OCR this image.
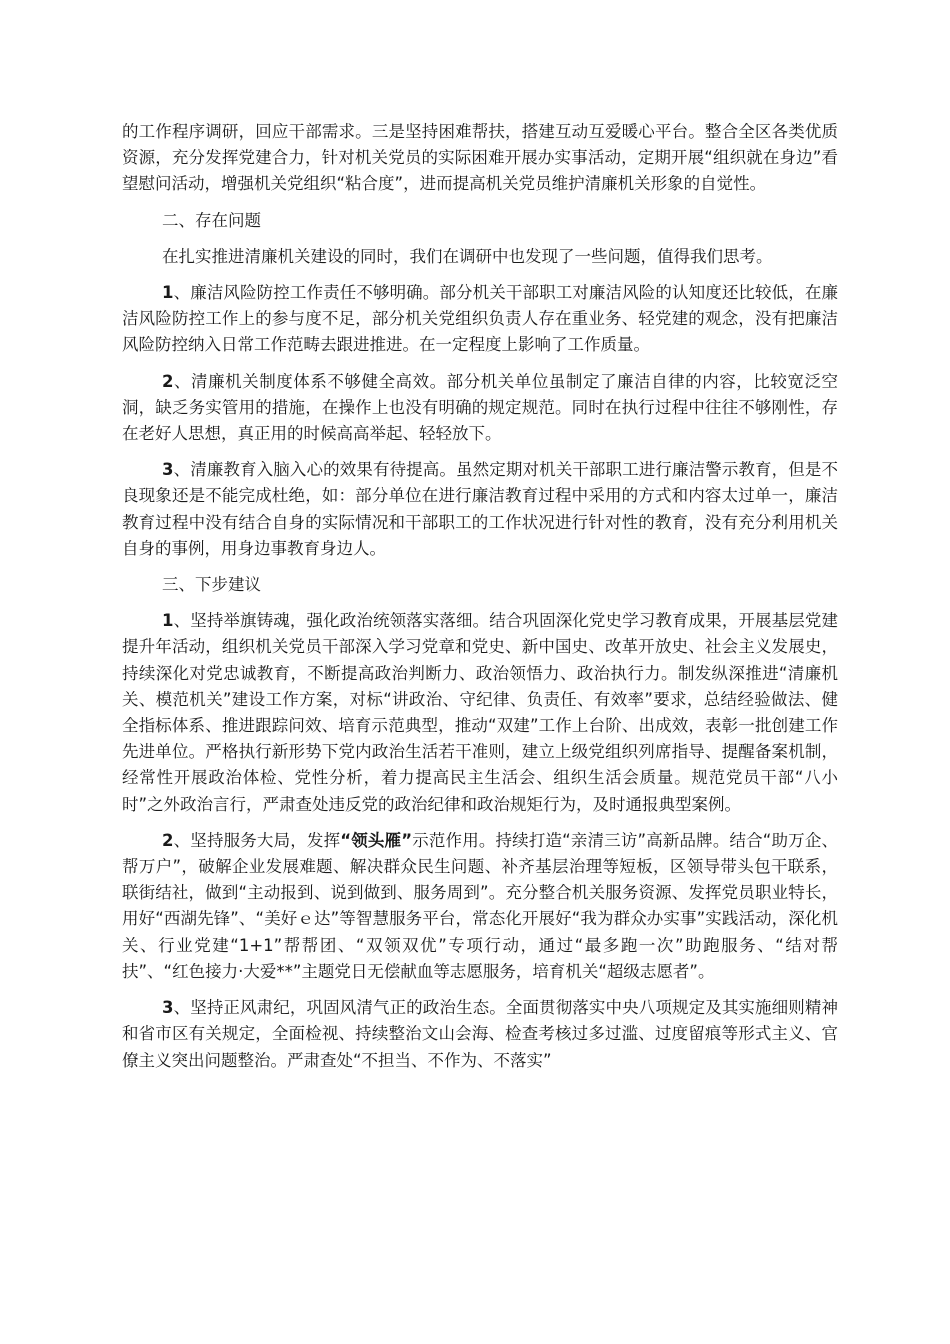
的工作程序调研，回应干部需求。三是坚持困难帮扶，搭建互动互爱暖心平台。整合全区各类优质资源，充分发挥党建合力，针对机关党员的实际困难开展办实事活动，定期开展“组织就在身边”看望慰问活动，增强机关党组织“粘合度”，进而提高机关党员维护清廉机关形象的自觉性。

二、存在问题

在扎实推进清廉机关建设的同时，我们在调研中也发现了一些问题，值得我们思考。

1、廉洁风险防控工作责任不够明确。部分机关干部职工对廉洁风险的认知度还比较低，在廉洁风险防控工作上的参与度不足，部分机关党组织负责人存在重业务、轻党建的观念，没有把廉洁风险防控纳入日常工作范畴去跟进推进。在一定程度上影响了工作质量。

2、清廉机关制度体系不够健全高效。部分机关单位虽制定了廉洁自律的内容，比较宽泛空洞，缺乏务实管用的措施，在操作上也没有明确的规定规范。同时在执行过程中往往不够刚性，存在老好人思想，真正用的时候高高举起、轻轻放下。

3、清廉教育入脑入心的效果有待提高。虽然定期对机关干部职工进行廉洁警示教育，但是不良现象还是不能完成杜绝，如：部分单位在进行廉洁教育过程中采用的方式和内容太过单一，廉洁教育过程中没有结合自身的实际情况和干部职工的工作状况进行针对性的教育，没有充分利用机关自身的事例，用身边事教育身边人。

三、下步建议

1、坚持举旗铸魂，强化政治统领落实落细。结合巩固深化党史学习教育成果，开展基层党建提升年活动，组织机关党员干部深入学习党章和党史、新中国史、改革开放史、社会主义发展史，持续深化对党忠诚教育，不断提高政治判断力、政治领悟力、政治执行力。制发纵深推进“清廉机关、模范机关”建设工作方案，对标“讲政治、守纪律、负责任、有效率”要求，总结经验做法、健全指标体系、推进跟踪问效、培育示范典型，推动“双建”工作上台阶、出成效，表彰一批创建工作先进单位。严格执行新形势下党内政治生活若干准则，建立上级党组织列席指导、提醒备案机制，经常性开展政治体检、党性分析，着力提高民主生活会、组织生活会质量。规范党员干部“八小时”之外政治言行，严肃查处违反党的政治纪律和政治规矩行为，及时通报典型案例。

2、坚持服务大局，发挥“领头雁”示范作用。持续打造“亲清三访”高新品牌。结合“助万企、帮万户”，破解企业发展难题、解决群众民生问题、补齐基层治理等短板，区领导带头包干联系，联街结社，做到“主动报到、说到做到、服务周到”。充分整合机关服务资源、发挥党员职业特长，用好“西湖先锋”、“美好ｅ达”等智慧服务平台，常态化开展好“我为群众办实事”实践活动，深化机关、行业党建“1+1”帮帮团、“双领双优”专项行动，通过“最多跑一次”助跑服务、“结对帮扶”、“红色接力·大爱**”主题党日无偿献血等志愿服务，培育机关“超级志愿者”。

3、坚持正风肃纪，巩固风清气正的政治生态。全面贯彻落实中央八项规定及其实施细则精神和省市区有关规定，全面检视、持续整治文山会海、检查考核过多过滥、过度留痕等形式主义、官僚主义突出问题整治。严肃查处“不担当、不作为、不落实”
